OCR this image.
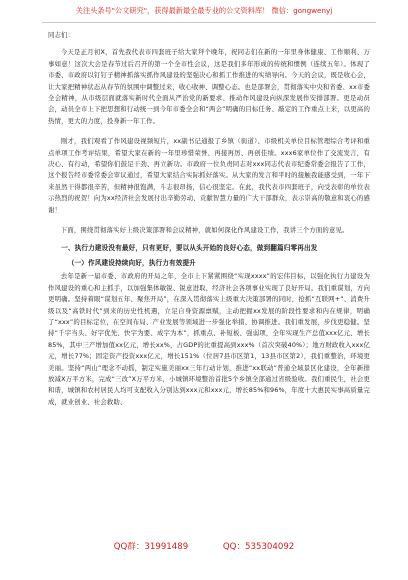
关注头条号"公文研究"，获得最新最全最专业的公文资料库！ 微信：gongwenyj

同志们：

今天是正月初X，首先我代表市四套班子给大家拜个晚年，祝同志们在新的一年里身体健康、工作顺利、万事如意！这次大会是春节过后召开的第一个全市性会议，这是我们多年形成的传统和惯例（连续五年）。体现了市委、市政府以钉钉子精神抓落实抓作风建设的坚强决心和抓工作推进的实绩导向。今天的会议，既是收心会，让大家把精神状态从春节的氛围中调整过来，收心收神、调整心态。也是部署会，贯彻落实中央和省委、xx市委全会精神，从市级层面就落实新时代全面从严治党的新要求、推动作风建设向纵深发展作安排部署。更是动员会，动员全市上下把思想和行动统一到今年市委全会和“两会”明确的目标任务、敲定的工作重点上来，以更高的热情，更大的力度，投身新一年工作。

刚才，我们观看了作风建设视频短片，xx副书记通报了乡镇（街道）、市级机关单位目标管理综合考评和重点单项工作考评结果，希望大家在新的一年里珍惜荣誉、再接再厉、再创佳绩。xxx6家单位作了交流发言，有决心、有行动，希望你们鼓足干劲、再立新功。市政府一位负责同志对xxx同志代表市纪委常委会报告了工作，这个报告经市委常委会审议通过，希望大家结合实际抓好落实。从大家的发言和平时的接触我能感受到，一年下来虽然干得都很辛苦，但精神很饱满，斗志很昂扬，信心很坚定。在此，我代表市四套班子，向受表彰的单位表示热烈的祝贺！向为xx经济社会发展付出辛勤劳动、贡献智慧力量的广大干部群众，表示崇高的敬意和衷心的感谢！

下面，围绕贯彻落实好上级决策部署和会议精神，就如何深化作风建设工作，我讲三个方面的意见。

一、执行力建设没有最好，只有更好，要以从头开始的良好心态，做到翻篇归零再出发

（一）作风建设持续向好，执行力有效提升

去年是新一届市委、市政府的开局之年，全市上下紧紧围绕“实现xxxx”的宏伟目标，以强化执行力建设为作风建设的重心和主抓手，以加强集体敏锐、锐意进取，经济社会各项事业实现了良好开局。我们重谋划，方向更明确。坚持着眼“谋划五年、聚焦开局”，在深入贯彻落实上级重大决策部署的同时，抢抓“互联网+”、消费升级以及“高铁时代”到来的历史性机遇，立足自身资源禀赋，主动把握xx发展的阶段性要求和内在规律，明确了“xxx”的目标定位，在空间布局、产业发展等领域进一步强化举措、协调推进。我们重发展，步伐更稳健。坚持“千字当头、好字优先、快字为要、成字为本”，抓重点、补短板、强弱项，全年实现生产总值xxx亿元、增长85%，其中三产增加值xx亿元，增长xx%，占GDP的比重提高到xxx%（首次突破40%）；地方财政收入xxx亿元，增长77%；固定资产投资xxx亿元，增长151%（位居7县市区第1，13县市区第2），我们重整治，环境更美丽。坚持“两山”理念不动摇，制定实施美丽xx三年行动计划，推进“xx联动”普通全域景区化建设，全年新排放减X万平方米，完成“三改”X万平方米，小城镇环境整治首批5个乡镇全部通过省级验收。我们重民生，社会更和谐，城镇和农村居民人均可支配收入分别达到xxx元和xxx元，增长85%和96%，年度十大惠民实事高质量完成，就业创业、社会救助、

QQ群：31991489	QQ：535304092
